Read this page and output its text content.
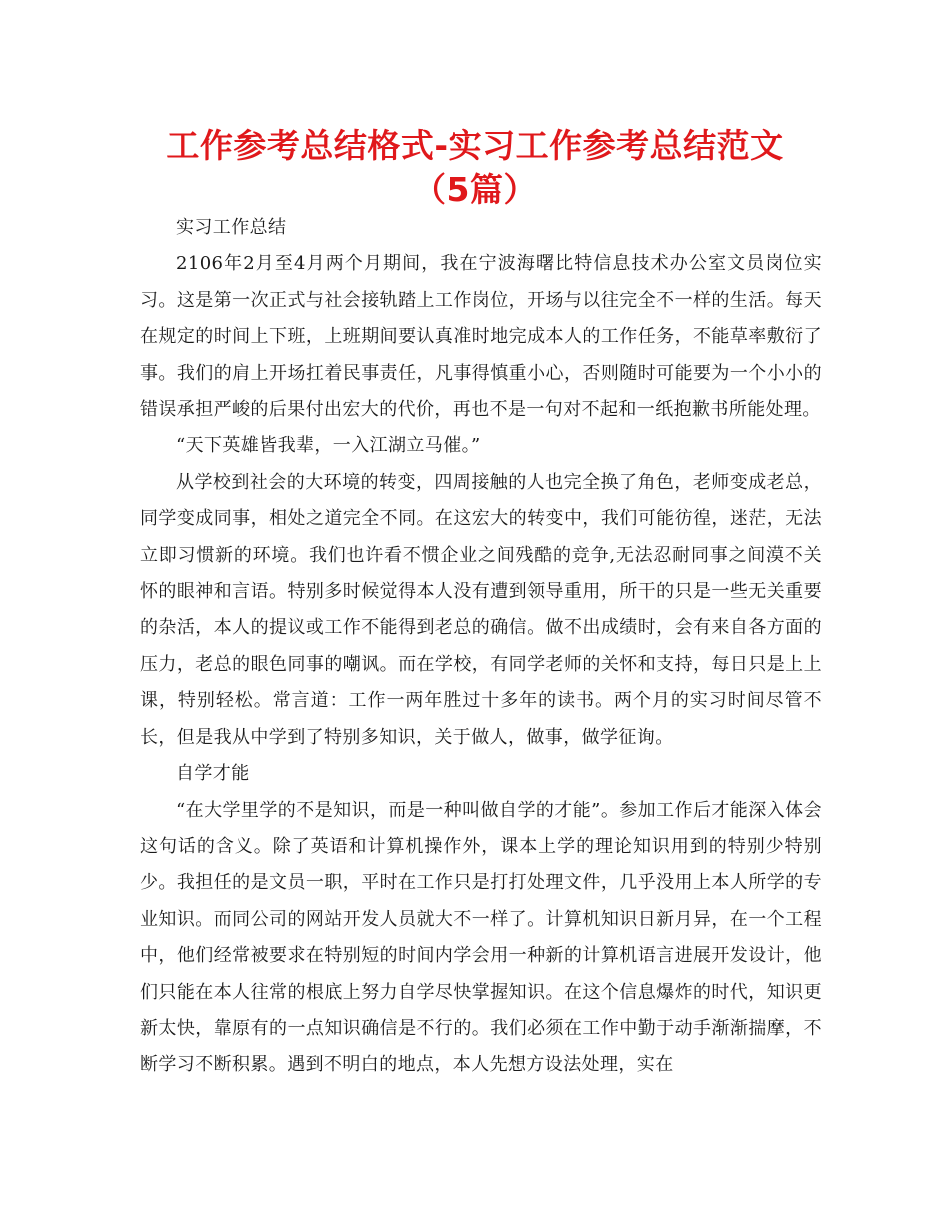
工作参考总结格式-实习工作参考总结范文（5篇）

实习工作总结

2106年2月至4月两个月期间，我在宁波海曙比特信息技术办公室文员岗位实习。这是第一次正式与社会接轨踏上工作岗位，开场与以往完全不一样的生活。每天在规定的时间上下班，上班期间要认真准时地完成本人的工作任务，不能草率敷衍了事。我们的肩上开场扛着民事责任，凡事得慎重小心，否则随时可能要为一个小小的错误承担严峻的后果付出宏大的代价，再也不是一句对不起和一纸抱歉书所能处理。

“天下英雄皆我辈，一入江湖立马催。”

从学校到社会的大环境的转变，四周接触的人也完全换了角色，老师变成老总，同学变成同事，相处之道完全不同。在这宏大的转变中，我们可能彷徨，迷茫，无法立即习惯新的环境。我们也许看不惯企业之间残酷的竞争,无法忍耐同事之间漠不关怀的眼神和言语。特别多时候觉得本人没有遭到领导重用，所干的只是一些无关重要的杂活，本人的提议或工作不能得到老总的确信。做不出成绩时，会有来自各方面的压力，老总的眼色同事的嘲讽。而在学校，有同学老师的关怀和支持，每日只是上上课，特别轻松。常言道：工作一两年胜过十多年的读书。两个月的实习时间尽管不长，但是我从中学到了特别多知识，关于做人，做事，做学征询。

自学才能

“在大学里学的不是知识，而是一种叫做自学的才能”。参加工作后才能深入体会这句话的含义。除了英语和计算机操作外，课本上学的理论知识用到的特别少特别少。我担任的是文员一职，平时在工作只是打打处理文件，几乎没用上本人所学的专业知识。而同公司的网站开发人员就大不一样了。计算机知识日新月异，在一个工程中，他们经常被要求在特别短的时间内学会用一种新的计算机语言进展开发设计，他们只能在本人往常的根底上努力自学尽快掌握知识。在这个信息爆炸的时代，知识更新太快，靠原有的一点知识确信是不行的。我们必须在工作中勤于动手渐渐揣摩，不断学习不断积累。遇到不明白的地点，本人先想方设法处理，实在
